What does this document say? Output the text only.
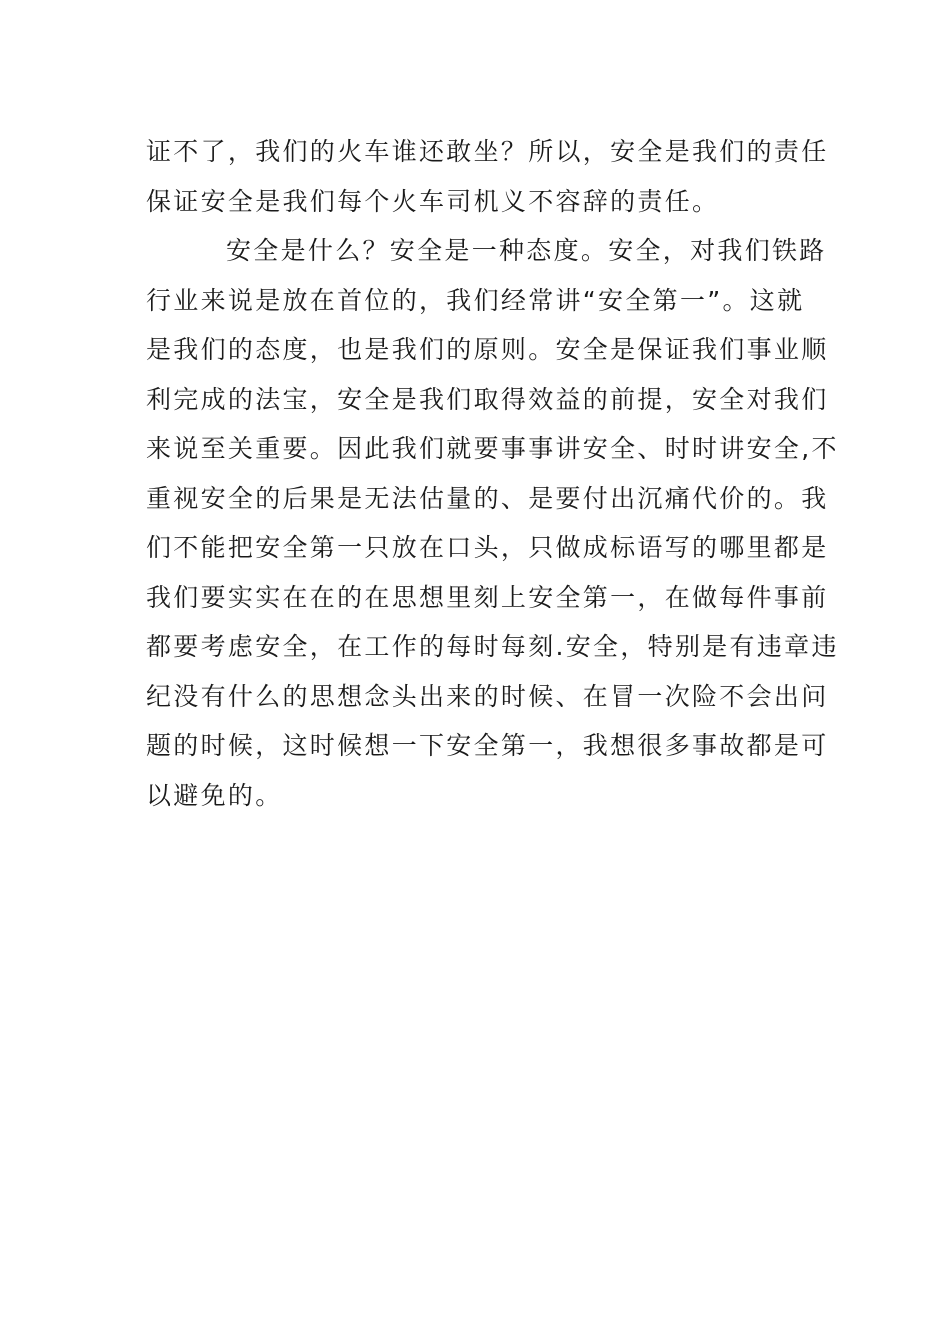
证不了，我们的火车谁还敢坐？所以，安全是我们的责任
保证安全是我们每个火车司机义不容辞的责任。
安全是什么？安全是一种态度。安全，对我们铁路
行业来说是放在首位的，我们经常讲“安全第一”。这就
是我们的态度，也是我们的原则。安全是保证我们事业顺
利完成的法宝，安全是我们取得效益的前提，安全对我们
来说至关重要。因此我们就要事事讲安全、时时讲安全,不
重视安全的后果是无法估量的、是要付出沉痛代价的。我
们不能把安全第一只放在口头，只做成标语写的哪里都是
我们要实实在在的在思想里刻上安全第一，在做每件事前
都要考虑安全，在工作的每时每刻.安全，特别是有违章违
纪没有什么的思想念头出来的时候、在冒一次险不会出问
题的时候，这时候想一下安全第一，我想很多事故都是可
以避免的。
